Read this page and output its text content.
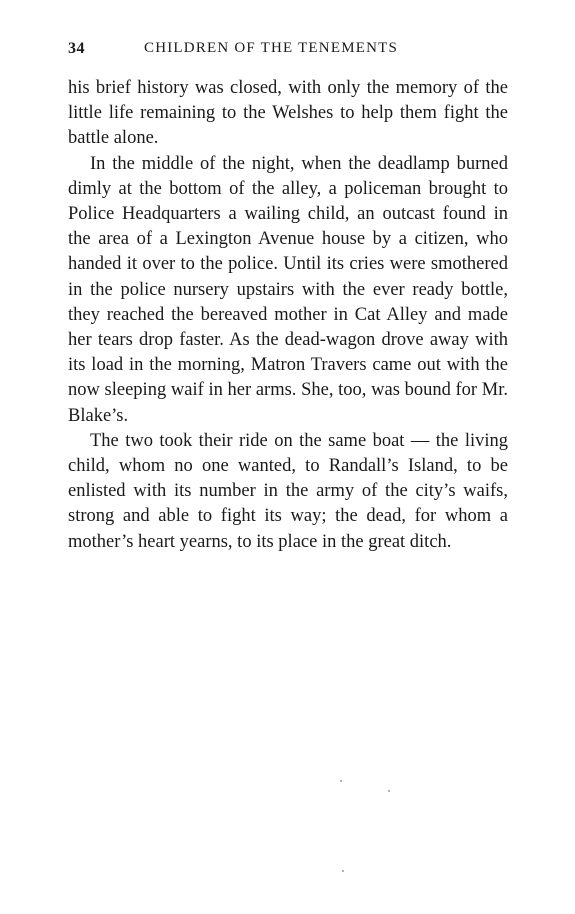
34	CHILDREN OF THE TENEMENTS

his brief history was closed, with only the memory of the little life remaining to the Welshes to help them fight the battle alone.

In the middle of the night, when the deadlamp burned dimly at the bottom of the alley, a policeman brought to Police Headquarters a wailing child, an outcast found in the area of a Lexington Avenue house by a citizen, who handed it over to the police. Until its cries were smothered in the police nursery upstairs with the ever ready bottle, they reached the bereaved mother in Cat Alley and made her tears drop faster. As the dead-wagon drove away with its load in the morning, Matron Travers came out with the now sleeping waif in her arms. She, too, was bound for Mr. Blake’s.

The two took their ride on the same boat — the living child, whom no one wanted, to Randall’s Island, to be enlisted with its number in the army of the city’s waifs, strong and able to fight its way; the dead, for whom a mother’s heart yearns, to its place in the great ditch.
